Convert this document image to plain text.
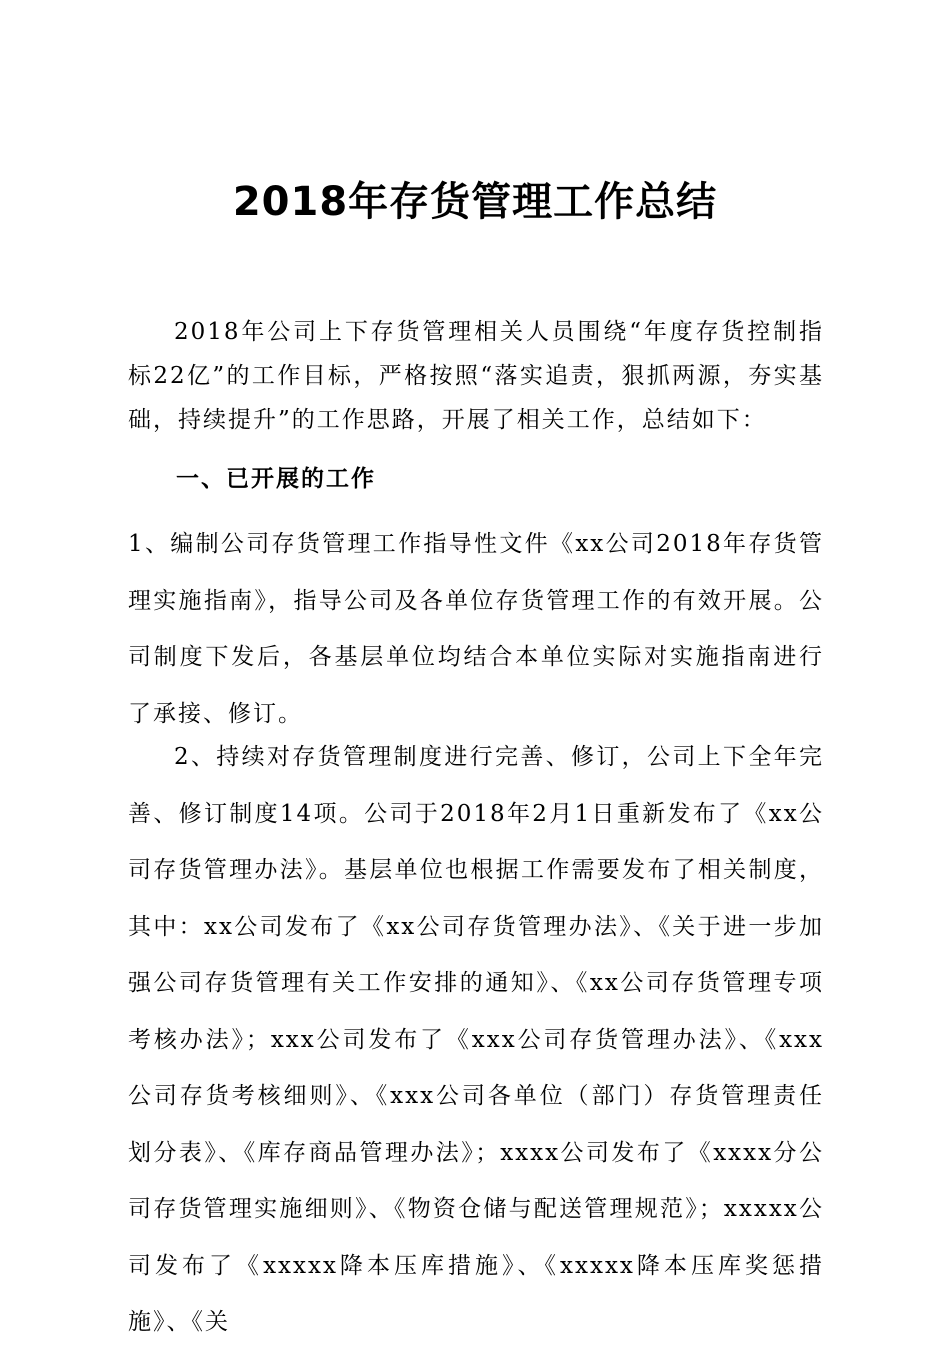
2018年存货管理工作总结
2018年公司上下存货管理相关人员围绕“年度存货控制指标22亿”的工作目标，严格按照“落实追责，狠抓两源，夯实基础，持续提升”的工作思路，开展了相关工作，总结如下：
一、已开展的工作
1、编制公司存货管理工作指导性文件《xx公司2018年存货管理实施指南》，指导公司及各单位存货管理工作的有效开展。公司制度下发后，各基层单位均结合本单位实际对实施指南进行了承接、修订。
2、持续对存货管理制度进行完善、修订，公司上下全年完善、修订制度14项。公司于2018年2月1日重新发布了《xx公司存货管理办法》。基层单位也根据工作需要发布了相关制度，其中：xx公司发布了《xx公司存货管理办法》、《关于进一步加强公司存货管理有关工作安排的通知》、《xx公司存货管理专项考核办法》；xxx公司发布了《xxx公司存货管理办法》、《xxx公司存货考核细则》、《xxx公司各单位（部门）存货管理责任划分表》、《库存商品管理办法》；xxxx公司发布了《xxxx分公司存货管理实施细则》、《物资仓储与配送管理规范》；xxxxx公司发布了《xxxxx降本压库措施》、《xxxxx降本压库奖惩措施》、《关
